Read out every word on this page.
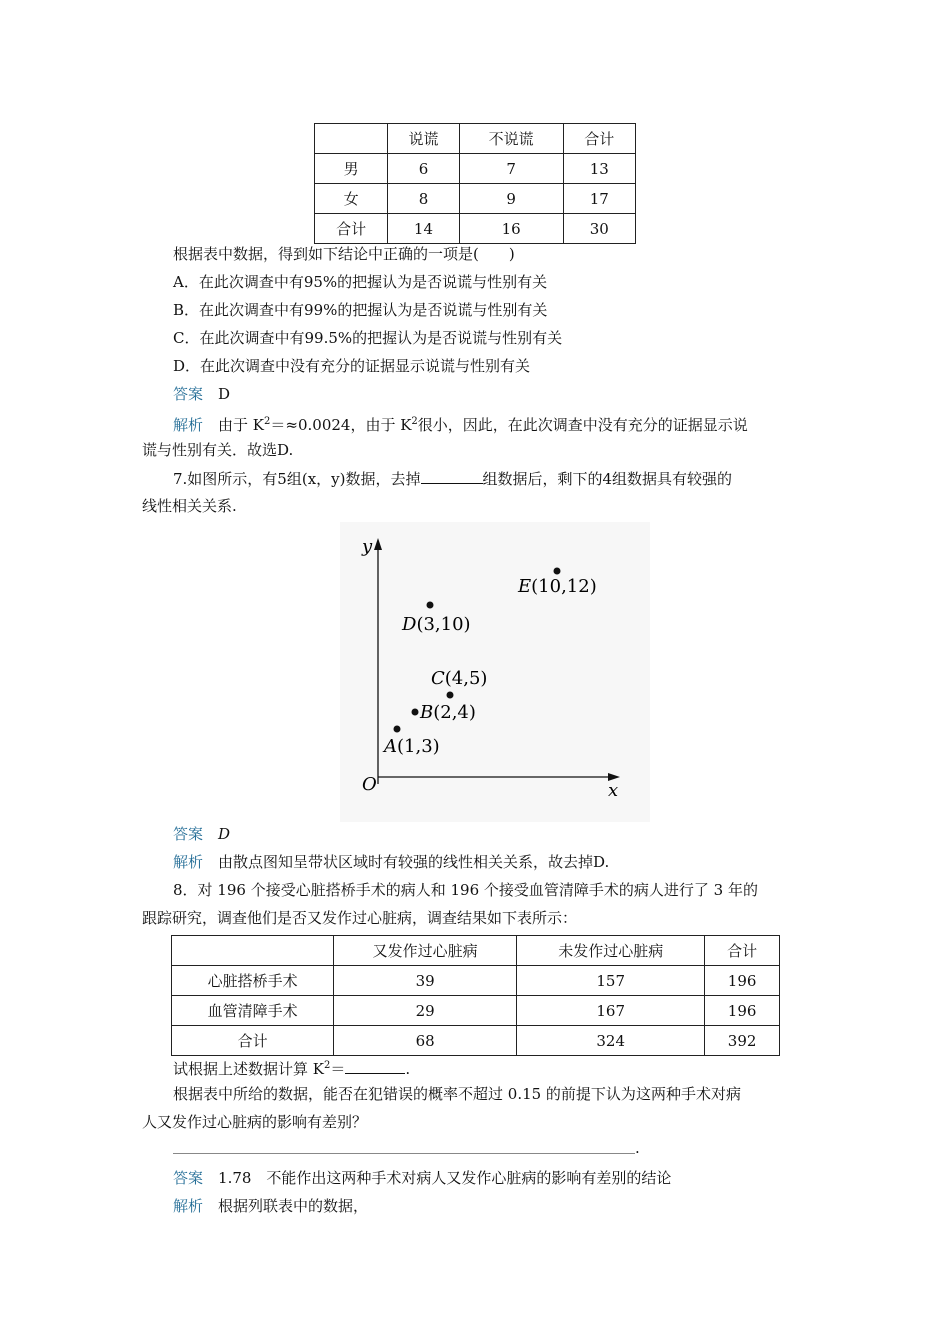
	说谎	不说谎	合计
男	6	7	13
女	8	9	17
合计	14	16	30
根据表中数据，得到如下结论中正确的一项是(　　)
A．在此次调查中有95%的把握认为是否说谎与性别有关
B．在此次调查中有99%的把握认为是否说谎与性别有关
C．在此次调查中有99.5%的把握认为是否说谎与性别有关
D．在此次调查中没有充分的证据显示说谎与性别有关
答案　 D
解析　 由于 $K^2=\approx 0.0024$，由于 $K^2$很小，因此，在此次调查中没有充分的证据显示说
谎与性别有关．故选D.
7.如图所示，有5组(x，y)数据，去掉	组数据后，剩下的4组数据具有较强的
线性相关关系.
y
x
O
A(1,3)
B(2,4)
C(4,5)
D(3,10)
E(10,12)
答案　 D
解析　 由散点图知呈带状区域时有较强的线性相关关系，故去掉D.
8．对 196 个接受心脏搭桥手术的病人和 196 个接受血管清障手术的病人进行了 3 年的
跟踪研究，调查他们是否又发作过心脏病，调查结果如下表所示：
	又发作过心脏病	未发作过心脏病	合计
心脏搭桥手术	39	157	196
血管清障手术	29	167	196
合计	68	324	392
试根据上述数据计算 $K^2=$	.
根据表中所给的数据，能否在犯错误的概率不超过 0.15 的前提下认为这两种手术对病
人又发作过心脏病的影响有差别？
.
答案　 1.78　不能作出这两种手术对病人又发作心脏病的影响有差别的结论
解析　 根据列联表中的数据，
